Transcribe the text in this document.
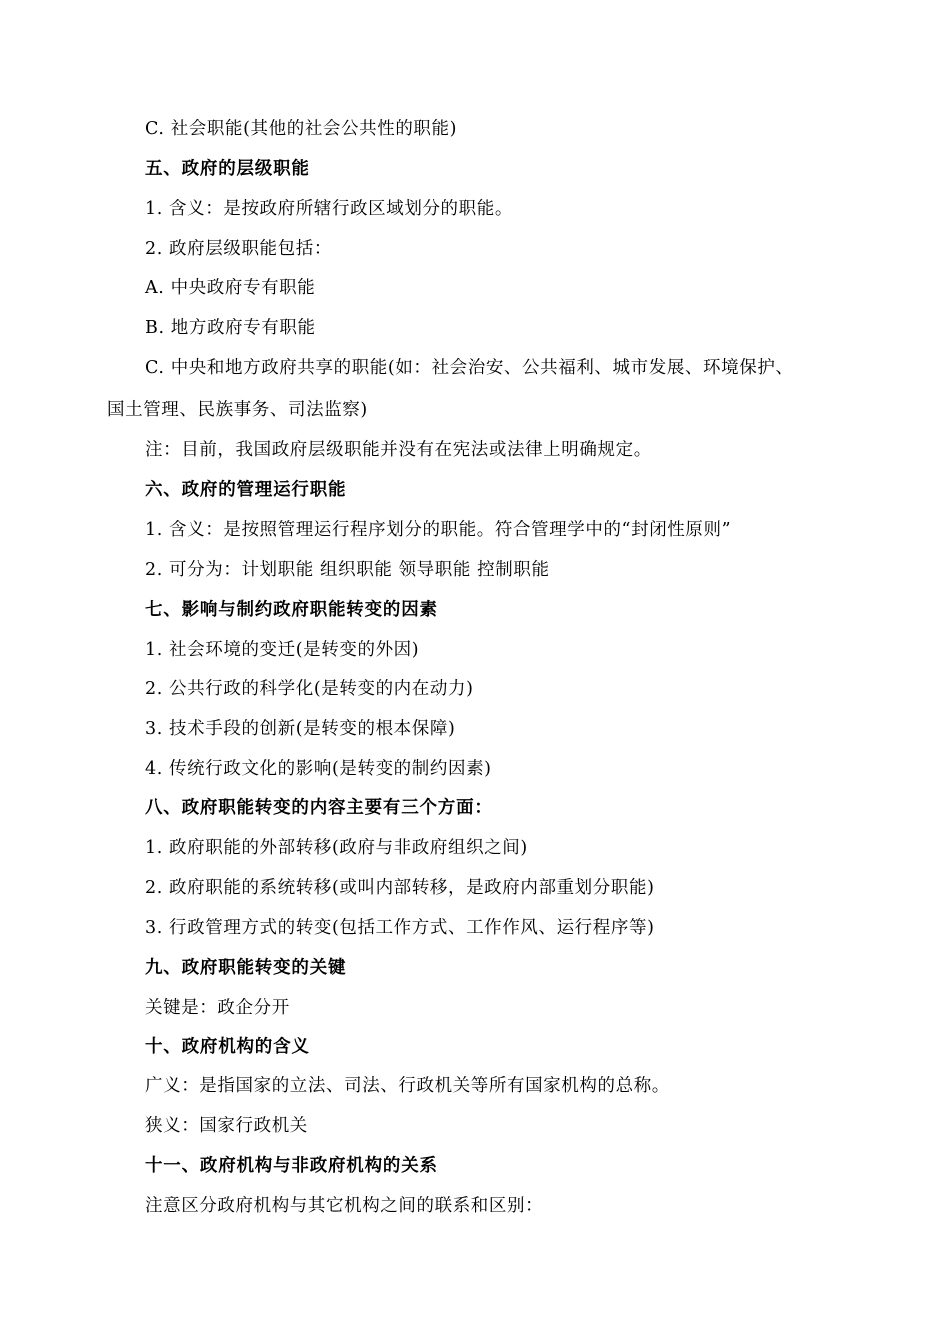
C. 社会职能(其他的社会公共性的职能)
五、政府的层级职能
1. 含义：是按政府所辖行政区域划分的职能。
2. 政府层级职能包括：
A. 中央政府专有职能
B. 地方政府专有职能
C. 中央和地方政府共享的职能(如：社会治安、公共福利、城市发展、环境保护、
国土管理、民族事务、司法监察)
注：目前，我国政府层级职能并没有在宪法或法律上明确规定。
六、政府的管理运行职能
1. 含义：是按照管理运行程序划分的职能。符合管理学中的“封闭性原则”
2. 可分为：计划职能 组织职能 领导职能 控制职能
七、影响与制约政府职能转变的因素
1. 社会环境的变迁(是转变的外因)
2. 公共行政的科学化(是转变的内在动力)
3. 技术手段的创新(是转变的根本保障)
4. 传统行政文化的影响(是转变的制约因素)
八、政府职能转变的内容主要有三个方面：
1. 政府职能的外部转移(政府与非政府组织之间)
2. 政府职能的系统转移(或叫内部转移，是政府内部重划分职能)
3. 行政管理方式的转变(包括工作方式、工作作风、运行程序等)
九、政府职能转变的关键
关键是：政企分开
十、政府机构的含义
广义：是指国家的立法、司法、行政机关等所有国家机构的总称。
狭义：国家行政机关
十一、政府机构与非政府机构的关系
注意区分政府机构与其它机构之间的联系和区别：
